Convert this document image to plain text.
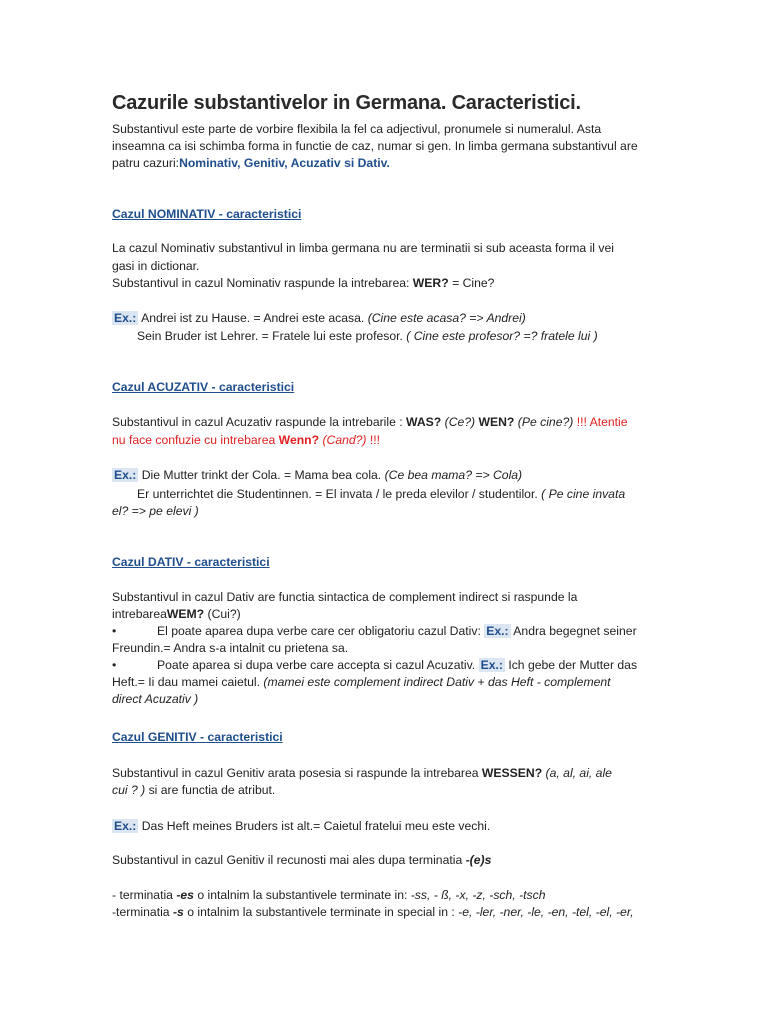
Cazurile substantivelor in Germana. Caracteristici.
Substantivul este parte de vorbire flexibila la fel ca adjectivul, pronumele si numeralul. Asta
inseamna ca isi schimba forma in functie de caz, numar si gen. In limba germana substantivul are
patru cazuri:Nominativ, Genitiv, Acuzativ si Dativ.
Cazul NOMINATIV - caracteristici
La cazul Nominativ substantivul in limba germana nu are terminatii si sub aceasta forma il vei
gasi in dictionar.
Substantivul in cazul Nominativ raspunde la intrebarea: WER? = Cine?
Ex.: Andrei ist zu Hause. = Andrei este acasa. (Cine este acasa? => Andrei)
Sein Bruder ist Lehrer. = Fratele lui este profesor. ( Cine este profesor? =? fratele lui )
Cazul ACUZATIV - caracteristici
Substantivul in cazul Acuzativ raspunde la intrebarile : WAS? (Ce?) WEN? (Pe cine?) !!! Atentie
nu face confuzie cu intrebarea Wenn? (Cand?) !!!
Ex.: Die Mutter trinkt der Cola. = Mama bea cola. (Ce bea mama? => Cola)
Er unterrichtet die Studentinnen. = El invata / le preda elevilor / studentilor. ( Pe cine invata
el? => pe elevi )
Cazul DATIV - caracteristici
Substantivul in cazul Dativ are functia sintactica de complement indirect si raspunde la
intrebareaWEM? (Cui?)
•	El poate aparea dupa verbe care cer obligatoriu cazul Dativ: Ex.: Andra begegnet seiner
Freundin.= Andra s-a intalnit cu prietena sa.
•	Poate aparea si dupa verbe care accepta si cazul Acuzativ. Ex.: Ich gebe der Mutter das
Heft.= Ii dau mamei caietul. (mamei este complement indirect Dativ + das Heft - complement
direct Acuzativ )
Cazul GENITIV - caracteristici
Substantivul in cazul Genitiv arata posesia si raspunde la intrebarea WESSEN? (a, al, ai, ale
cui ? ) si are functia de atribut.
Ex.: Das Heft meines Bruders ist alt.= Caietul fratelui meu este vechi.
Substantivul in cazul Genitiv il recunosti mai ales dupa terminatia -(e)s
- terminatia -es o intalnim la substantivele terminate in: -ss, - ß, -x, -z, -sch, -tsch
-terminatia -s o intalnim la substantivele terminate in special in : -e, -ler, -ner, -le, -en, -tel, -el, -er,
